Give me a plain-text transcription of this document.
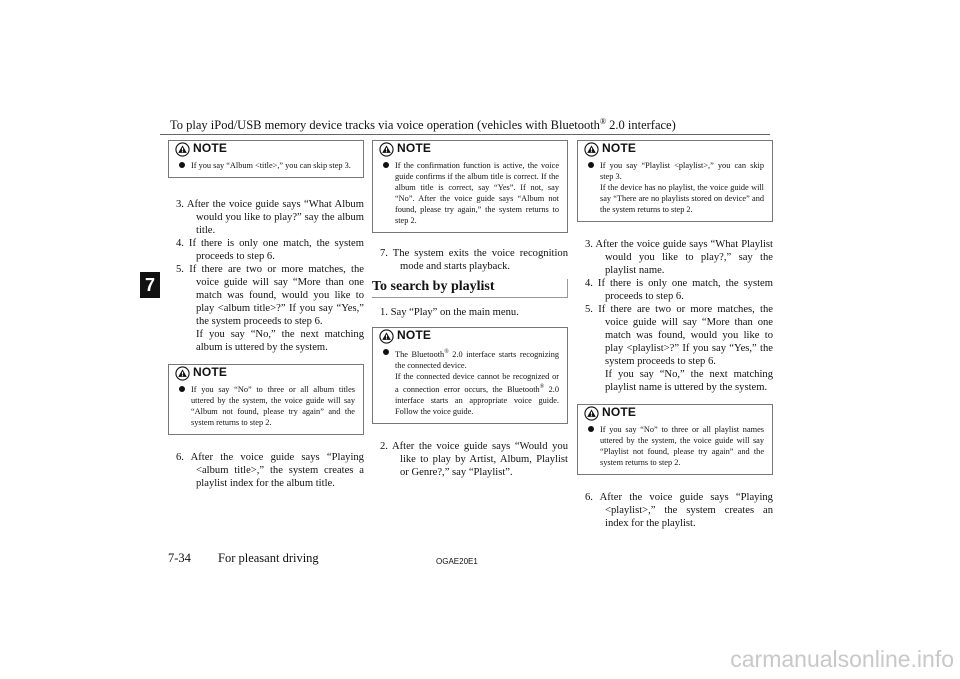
To play iPod/USB memory device tracks via voice operation (vehicles with Bluetooth® 2.0 interface)
7
NOTE
If you say “Album <title>,” you can skip step 3.
3. After the voice guide says “What Album would you like to play?” say the album title.
4. If there is only one match, the system proceeds to step 6.
5. If there are two or more matches, the voice guide will say “More than one match was found, would you like to play <album title>?” If you say “Yes,” the system proceeds to step 6.
If you say “No,” the next matching album is uttered by the system.
NOTE
If you say “No” to three or all album titles uttered by the system, the voice guide will say “Album not found, please try again” and the system returns to step 2.
6. After the voice guide says “Playing <album title>,” the system creates a playlist index for the album title.
NOTE
If the confirmation function is active, the voice guide confirms if the album title is correct. If the album title is correct, say “Yes”. If not, say “No”. After the voice guide says “Album not found, please try again,” the system returns to step 2.
7. The system exits the voice recognition mode and starts playback.
To search by playlist
1. Say “Play” on the main menu.
NOTE
The Bluetooth® 2.0 interface starts recognizing the connected device.
If the connected device cannot be recognized or a connection error occurs, the Bluetooth® 2.0 interface starts an appropriate voice guide. Follow the voice guide.
2. After the voice guide says “Would you like to play by Artist, Album, Playlist or Genre?,” say “Playlist”.
NOTE
If you say “Playlist <playlist>,” you can skip step 3.
If the device has no playlist, the voice guide will say “There are no playlists stored on device” and the system returns to step 2.
3. After the voice guide says “What Playlist would you like to play?,” say the playlist name.
4. If there is only one match, the system proceeds to step 6.
5. If there are two or more matches, the voice guide will say “More than one match was found, would you like to play <playlist>?” If you say “Yes,” the system proceeds to step 6.
If you say “No,” the next matching playlist name is uttered by the system.
NOTE
If you say “No” to three or all playlist names uttered by the system, the voice guide will say “Playlist not found, please try again” and the system returns to step 2.
6. After the voice guide says “Playing <playlist>,” the system creates an index for the playlist.
7-34 For pleasant driving	OGAE20E1
carmanualsonline.info
